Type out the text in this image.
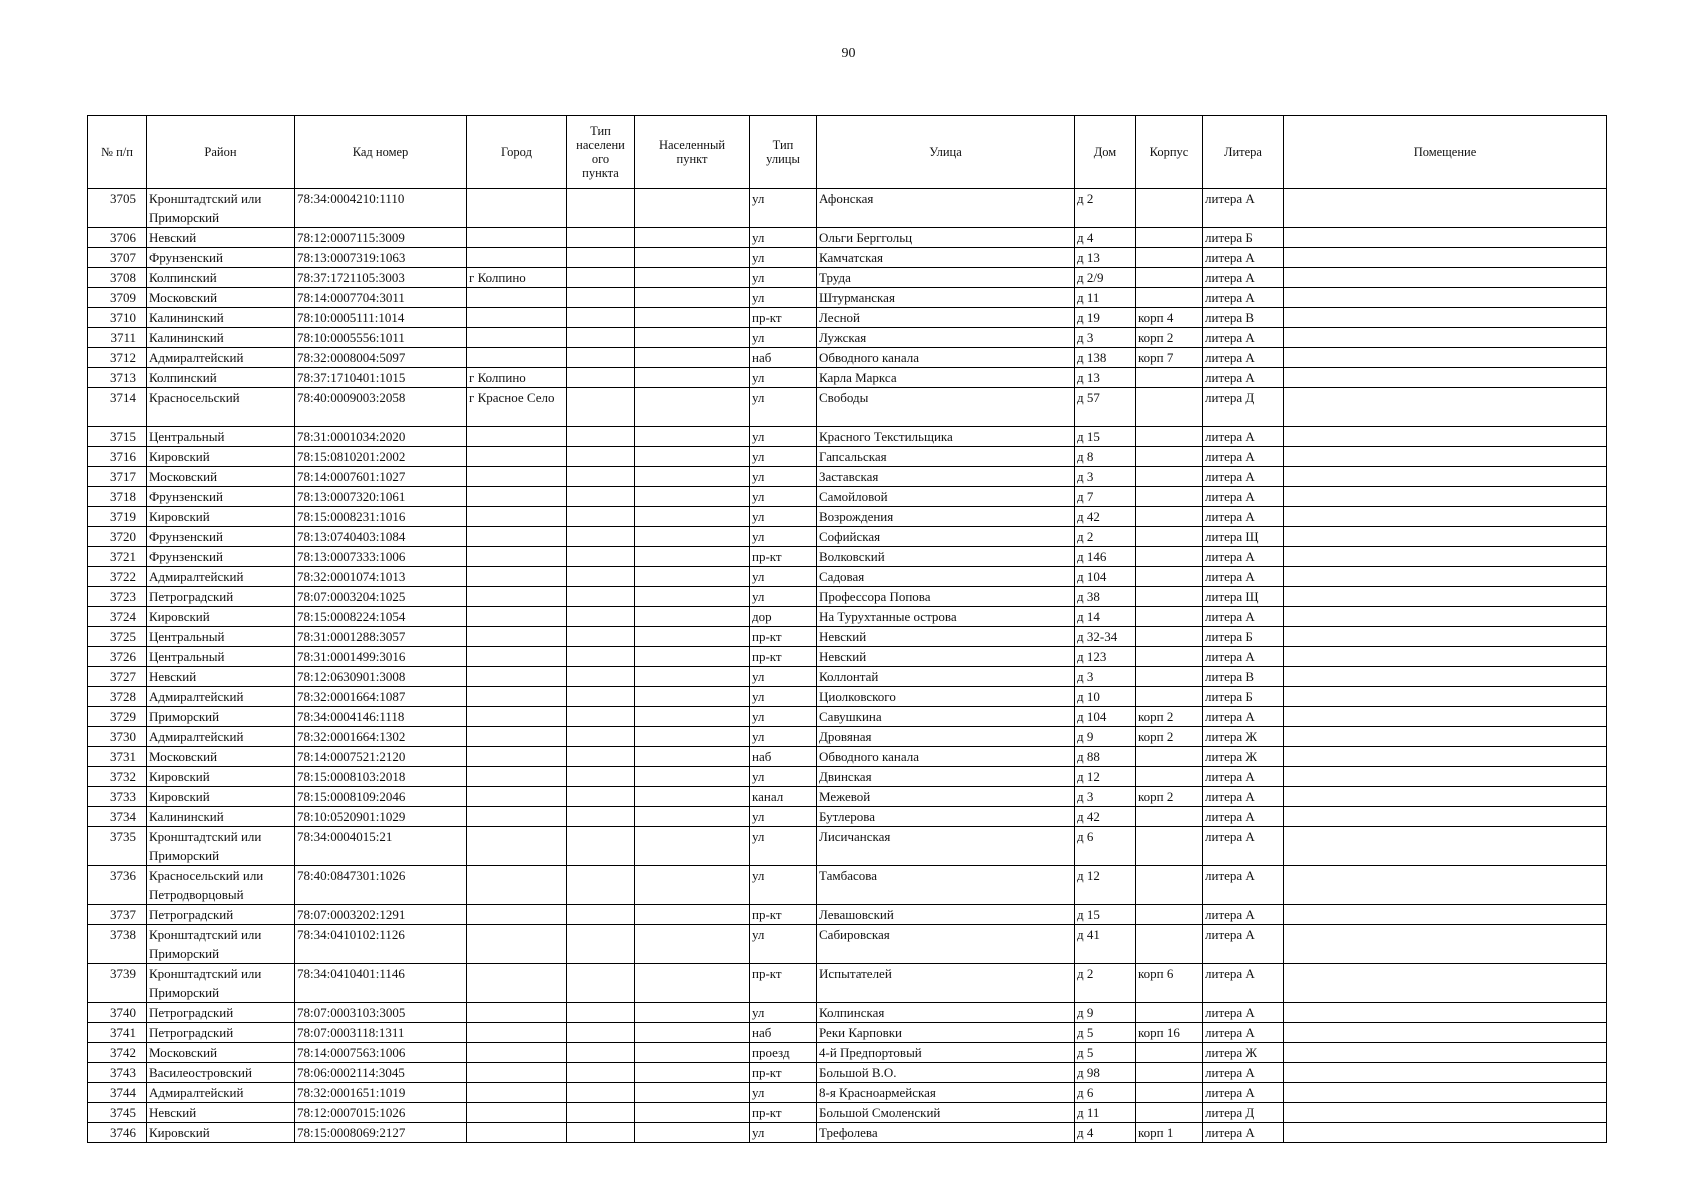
90
№ п/п	Район	Кад номер	Город	Тип
населени
ого
пункта	Населенный
пункт	Тип
улицы	Улица	Дом	Корпус	Литера	Помещение
3705	Кронштадтский или
Приморский	78:34:0004210:1110				ул	Афонская	д 2		литера А	
3706	Невский	78:12:0007115:3009				ул	Ольги Берггольц	д 4		литера Б	
3707	Фрунзенский	78:13:0007319:1063				ул	Камчатская	д 13		литера А	
3708	Колпинский	78:37:1721105:3003	г Колпино			ул	Труда	д 2/9		литера А	
3709	Московский	78:14:0007704:3011				ул	Штурманская	д 11		литера А	
3710	Калининский	78:10:0005111:1014				пр-кт	Лесной	д 19	корп 4	литера В	
3711	Калининский	78:10:0005556:1011				ул	Лужская	д 3	корп 2	литера А	
3712	Адмиралтейский	78:32:0008004:5097				наб	Обводного канала	д 138	корп 7	литера А	
3713	Колпинский	78:37:1710401:1015	г Колпино			ул	Карла Маркса	д 13		литера А	
3714	Красносельский	78:40:0009003:2058	г Красное Село			ул	Свободы	д 57		литера Д	
3715	Центральный	78:31:0001034:2020				ул	Красного Текстильщика	д 15		литера А	
3716	Кировский	78:15:0810201:2002				ул	Гапсальская	д 8		литера А	
3717	Московский	78:14:0007601:1027				ул	Заставская	д 3		литера А	
3718	Фрунзенский	78:13:0007320:1061				ул	Самойловой	д 7		литера А	
3719	Кировский	78:15:0008231:1016				ул	Возрождения	д 42		литера А	
3720	Фрунзенский	78:13:0740403:1084				ул	Софийская	д 2		литера Щ	
3721	Фрунзенский	78:13:0007333:1006				пр-кт	Волковский	д 146		литера А	
3722	Адмиралтейский	78:32:0001074:1013				ул	Садовая	д 104		литера А	
3723	Петроградский	78:07:0003204:1025				ул	Профессора Попова	д 38		литера Щ	
3724	Кировский	78:15:0008224:1054				дор	На Турухтанные острова	д 14		литера А	
3725	Центральный	78:31:0001288:3057				пр-кт	Невский	д 32-34		литера Б	
3726	Центральный	78:31:0001499:3016				пр-кт	Невский	д 123		литера А	
3727	Невский	78:12:0630901:3008				ул	Коллонтай	д 3		литера В	
3728	Адмиралтейский	78:32:0001664:1087				ул	Циолковского	д 10		литера Б	
3729	Приморский	78:34:0004146:1118				ул	Савушкина	д 104	корп 2	литера А	
3730	Адмиралтейский	78:32:0001664:1302				ул	Дровяная	д 9	корп 2	литера Ж	
3731	Московский	78:14:0007521:2120				наб	Обводного канала	д 88		литера Ж	
3732	Кировский	78:15:0008103:2018				ул	Двинская	д 12		литера А	
3733	Кировский	78:15:0008109:2046				канал	Межевой	д 3	корп 2	литера А	
3734	Калининский	78:10:0520901:1029				ул	Бутлерова	д 42		литера А	
3735	Кронштадтский или
Приморский	78:34:0004015:21				ул	Лисичанская	д 6		литера А	
3736	Красносельский или
Петродворцовый	78:40:0847301:1026				ул	Тамбасова	д 12		литера А	
3737	Петроградский	78:07:0003202:1291				пр-кт	Левашовский	д 15		литера А	
3738	Кронштадтский или
Приморский	78:34:0410102:1126				ул	Сабировская	д 41		литера А	
3739	Кронштадтский или
Приморский	78:34:0410401:1146				пр-кт	Испытателей	д 2	корп 6	литера А	
3740	Петроградский	78:07:0003103:3005				ул	Колпинская	д 9		литера А	
3741	Петроградский	78:07:0003118:1311				наб	Реки Карповки	д 5	корп 16	литера А	
3742	Московский	78:14:0007563:1006				проезд	4-й Предпортовый	д 5		литера Ж	
3743	Василеостровский	78:06:0002114:3045				пр-кт	Большой В.О.	д 98		литера А	
3744	Адмиралтейский	78:32:0001651:1019				ул	8-я Красноармейская	д 6		литера А	
3745	Невский	78:12:0007015:1026				пр-кт	Большой Смоленский	д 11		литера Д	
3746	Кировский	78:15:0008069:2127				ул	Трефолева	д 4	корп 1	литера А	
